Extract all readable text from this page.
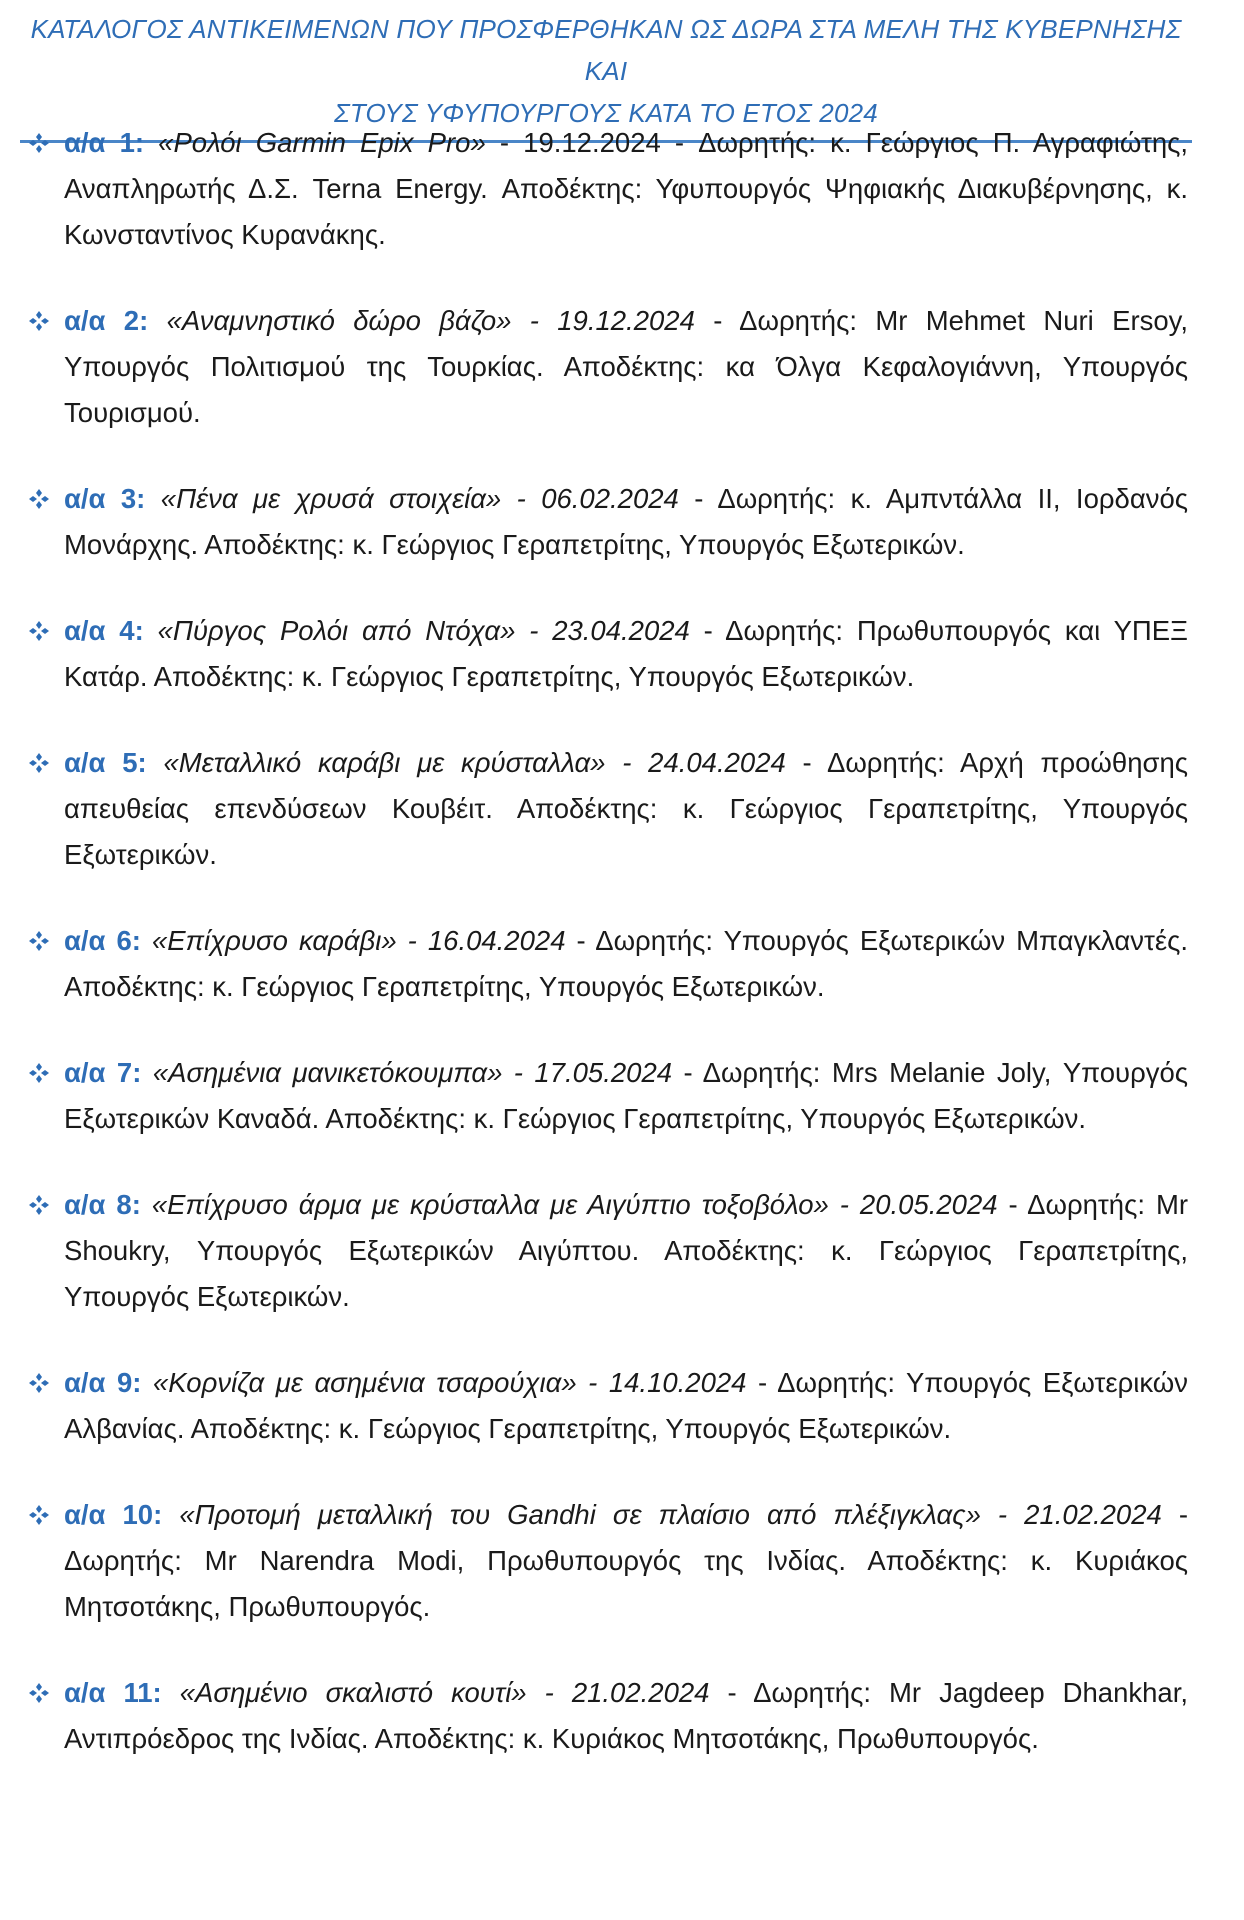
ΚΑΤΑΛΟΓΟΣ ΑΝΤΙΚΕΙΜΕΝΩΝ ΠΟΥ ΠΡΟΣΦΕΡΘΗΚΑΝ ΩΣ ΔΩΡΑ ΣΤΑ ΜΕΛΗ ΤΗΣ ΚΥΒΕΡΝΗΣΗΣ ΚΑΙ
ΣΤΟΥΣ ΥΦΥΠΟΥΡΓΟΥΣ ΚΑΤΑ ΤΟ ΕΤΟΣ 2024
α/α 1: «Ρολόι Garmin Epix Pro» - 19.12.2024 - Δωρητής: κ. Γεώργιος Π. Αγραφιώτης, Αναπληρωτής Δ.Σ. Terna Energy. Αποδέκτης: Υφυπουργός Ψηφιακής Διακυβέρνησης, κ. Κωνσταντίνος Κυρανάκης.
α/α 2: «Αναμνηστικό δώρο βάζο» - 19.12.2024 - Δωρητής: Mr Mehmet Nuri Ersoy, Υπουργός Πολιτισμού της Τουρκίας. Αποδέκτης: κα Όλγα Κεφαλογιάννη, Υπουργός Τουρισμού.
α/α 3: «Πένα με χρυσά στοιχεία» - 06.02.2024 - Δωρητής: κ. Αμπντάλλα ΙΙ, Ιορδανός Μονάρχης. Αποδέκτης: κ. Γεώργιος Γεραπετρίτης, Υπουργός Εξωτερικών.
α/α 4: «Πύργος Ρολόι από Ντόχα» - 23.04.2024 - Δωρητής: Πρωθυπουργός και ΥΠΕΞ Κατάρ. Αποδέκτης: κ. Γεώργιος Γεραπετρίτης, Υπουργός Εξωτερικών.
α/α 5: «Μεταλλικό καράβι με κρύσταλλα» - 24.04.2024 - Δωρητής: Αρχή προώθησης απευθείας επενδύσεων Κουβέιτ. Αποδέκτης: κ. Γεώργιος Γεραπετρίτης, Υπουργός Εξωτερικών.
α/α 6: «Επίχρυσο καράβι» - 16.04.2024 - Δωρητής: Υπουργός Εξωτερικών Μπαγκλαντές. Αποδέκτης: κ. Γεώργιος Γεραπετρίτης, Υπουργός Εξωτερικών.
α/α 7: «Ασημένια μανικετόκουμπα» - 17.05.2024 - Δωρητής: Mrs Melanie Joly, Υπουργός Εξωτερικών Καναδά. Αποδέκτης: κ. Γεώργιος Γεραπετρίτης, Υπουργός Εξωτερικών.
α/α 8: «Επίχρυσο άρμα με κρύσταλλα με Αιγύπτιο τοξοβόλο» - 20.05.2024 - Δωρητής: Mr Shoukry, Υπουργός Εξωτερικών Αιγύπτου. Αποδέκτης: κ. Γεώργιος Γεραπετρίτης, Υπουργός Εξωτερικών.
α/α 9: «Κορνίζα με ασημένια τσαρούχια» - 14.10.2024 - Δωρητής: Υπουργός Εξωτερικών Αλβανίας. Αποδέκτης: κ. Γεώργιος Γεραπετρίτης, Υπουργός Εξωτερικών.
α/α 10: «Προτομή μεταλλική του Gandhi σε πλαίσιο από πλέξιγκλας» - 21.02.2024 - Δωρητής: Mr Narendra Modi, Πρωθυπουργός της Ινδίας. Αποδέκτης: κ. Κυριάκος Μητσοτάκης, Πρωθυπουργός.
α/α 11: «Ασημένιο σκαλιστό κουτί» - 21.02.2024 - Δωρητής: Mr Jagdeep Dhankhar, Αντιπρόεδρος της Ινδίας. Αποδέκτης: κ. Κυριάκος Μητσοτάκης, Πρωθυπουργός.
